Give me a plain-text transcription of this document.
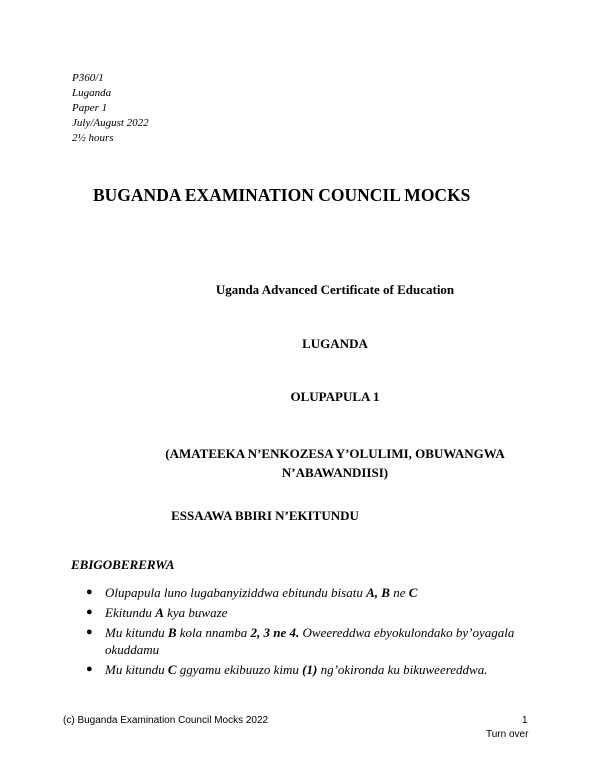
P360/1
Luganda
Paper 1
July/August 2022
2½ hours
BUGANDA EXAMINATION COUNCIL MOCKS
Uganda Advanced Certificate of Education
LUGANDA
OLUPAPULA 1
(AMATEEKA N’ENKOZESA Y’OLULIMI, OBUWANGWA
N’ABAWANDIISI)
ESSAAWA BBIRI N’EKITUNDU
EBIGOBERERWA
● Olupapula luno lugabanyiziddwa ebitundu bisatu A, B ne C
● Ekitundu A kya buwaze
● Mu kitundu B kola nnamba 2, 3 ne 4. Oweereddwa ebyokulondako by’oyagala okuddamu
● Mu kitundu C ggyamu ekibuuzo kimu (1) ng’okironda ku bikuweereddwa.
(c) Buganda Examination Council Mocks 2022	1
Turn over
